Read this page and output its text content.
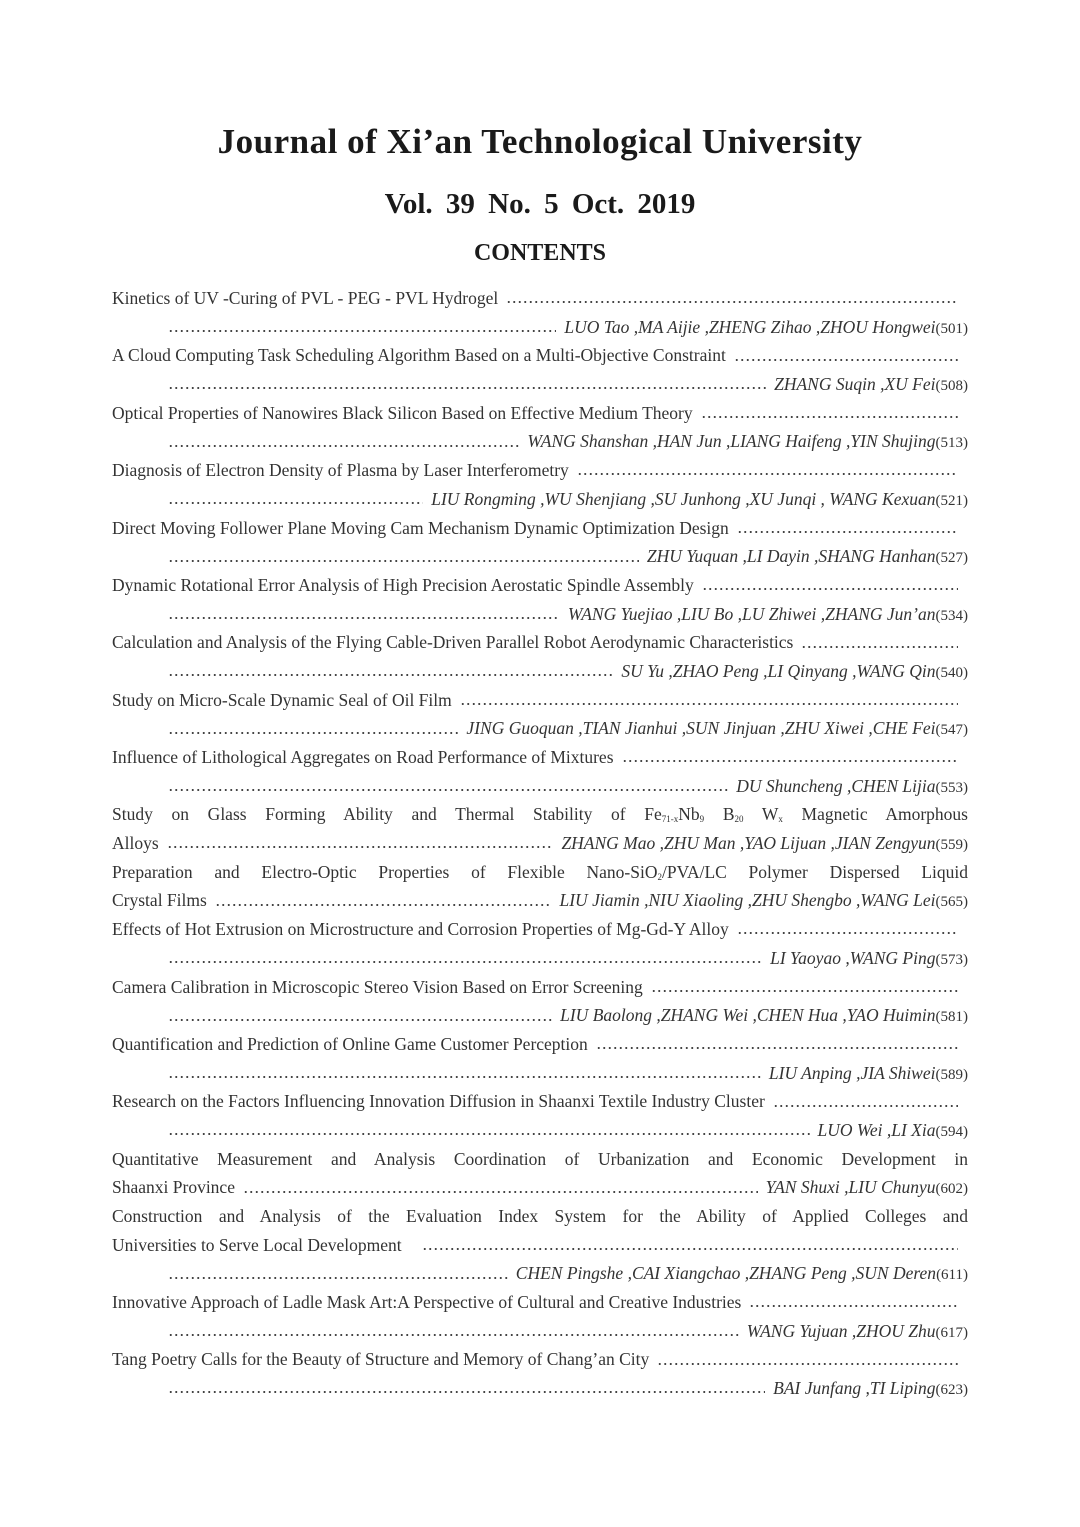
Journal of Xi’an Technological University
Vol. 39 No. 5 Oct. 2019
CONTENTS
Kinetics of UV -Curing of PVL - PEG - PVL Hydrogel
LUO Tao ,MA Aijie ,ZHENG Zihao ,ZHOU Hongwei (501)
A Cloud Computing Task Scheduling Algorithm Based on a Multi-Objective Constraint
ZHANG Suqin ,XU Fei (508)
Optical Properties of Nanowires Black Silicon Based on Effective Medium Theory
WANG Shanshan ,HAN Jun ,LIANG Haifeng ,YIN Shujing (513)
Diagnosis of Electron Density of Plasma by Laser Interferometry
LIU Rongming ,WU Shenjiang ,SU Junhong ,XU Junqi , WANG Kexuan (521)
Direct Moving Follower Plane Moving Cam Mechanism Dynamic Optimization Design
ZHU Yuquan ,LI Dayin ,SHANG Hanhan (527)
Dynamic Rotational Error Analysis of High Precision Aerostatic Spindle Assembly
WANG Yuejiao ,LIU Bo ,LU Zhiwei ,ZHANG Jun’an (534)
Calculation and Analysis of the Flying Cable-Driven Parallel Robot Aerodynamic Characteristics
SU Yu ,ZHAO Peng ,LI Qinyang ,WANG Qin (540)
Study on Micro-Scale Dynamic Seal of Oil Film
JING Guoquan ,TIAN Jianhui ,SUN Jinjuan ,ZHU Xiwei ,CHE Fei (547)
Influence of Lithological Aggregates on Road Performance of Mixtures
DU Shuncheng ,CHEN Lijia (553)
Study on Glass Forming Ability and Thermal Stability of $Fe_{71-x}Nb_9$ $B_{20}$ $W_x$ Magnetic Amorphous
Alloys	ZHANG Mao ,ZHU Man ,YAO Lijuan ,JIAN Zengyun (559)
Preparation and Electro-Optic Properties of Flexible Nano-SiO$_2$/PVA/LC Polymer Dispersed Liquid
Crystal Films	LIU Jiamin ,NIU Xiaoling ,ZHU Shengbo ,WANG Lei (565)
Effects of Hot Extrusion on Microstructure and Corrosion Properties of Mg-Gd-Y Alloy
LI Yaoyao ,WANG Ping (573)
Camera Calibration in Microscopic Stereo Vision Based on Error Screening
LIU Baolong ,ZHANG Wei ,CHEN Hua ,YAO Huimin (581)
Quantification and Prediction of Online Game Customer Perception
LIU Anping ,JIA Shiwei (589)
Research on the Factors Influencing Innovation Diffusion in Shaanxi Textile Industry Cluster
LUO Wei ,LI Xia (594)
Quantitative Measurement and Analysis Coordination of Urbanization and Economic Development in
Shaanxi Province	YAN Shuxi ,LIU Chunyu (602)
Construction and Analysis of the Evaluation Index System for the Ability of Applied Colleges and
Universities to Serve Local Development
CHEN Pingshe ,CAI Xiangchao ,ZHANG Peng ,SUN Deren (611)
Innovative Approach of Ladle Mask Art:A Perspective of Cultural and Creative Industries
WANG Yujuan ,ZHOU Zhu (617)
Tang Poetry Calls for the Beauty of Structure and Memory of Chang’an City
BAI Junfang ,TI Liping (623)
